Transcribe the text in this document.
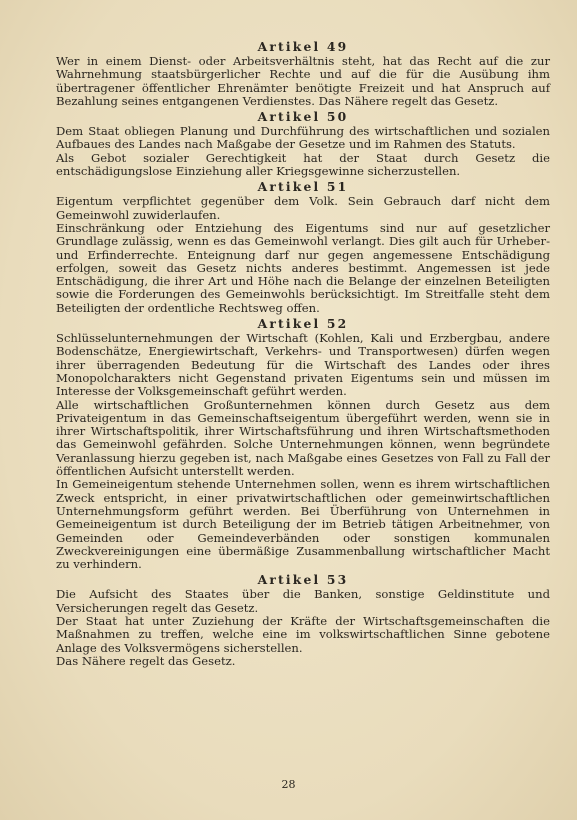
Artikel 49

Wer in einem Dienst- oder Arbeitsverhältnis steht, hat das Recht auf die zur Wahrnehmung staatsbürgerlicher Rechte und auf die für die Ausübung ihm übertragener öffentlicher Ehrenämter benötigte Freizeit und hat Anspruch auf Bezahlung seines entgangenen Verdienstes. Das Nähere regelt das Gesetz.

Artikel 50

Dem Staat obliegen Planung und Durchführung des wirtschaftlichen und sozialen Aufbaues des Landes nach Maßgabe der Gesetze und im Rahmen des Statuts.

Als Gebot sozialer Gerechtigkeit hat der Staat durch Gesetz die entschädigungslose Einziehung aller Kriegsgewinne sicherzustellen.

Artikel 51

Eigentum verpflichtet gegenüber dem Volk. Sein Gebrauch darf nicht dem Gemeinwohl zuwiderlaufen.

Einschränkung oder Entziehung des Eigentums sind nur auf gesetzlicher Grundlage zulässig, wenn es das Gemeinwohl verlangt. Dies gilt auch für Urheber- und Erfinderrechte. Enteignung darf nur gegen angemessene Entschädigung erfolgen, soweit das Gesetz nichts anderes bestimmt. Angemessen ist jede Entschädigung, die ihrer Art und Höhe nach die Belange der einzelnen Beteiligten sowie die Forderungen des Gemeinwohls berücksichtigt. Im Streitfalle steht dem Beteiligten der ordentliche Rechtsweg offen.

Artikel 52

Schlüsselunternehmungen der Wirtschaft (Kohlen, Kali und Erzbergbau, andere Bodenschätze, Energiewirtschaft, Verkehrs- und Transportwesen) dürfen wegen ihrer überragenden Bedeutung für die Wirtschaft des Landes oder ihres Monopolcharakters nicht Gegenstand privaten Eigentums sein und müssen im Interesse der Volksgemeinschaft geführt werden.

Alle wirtschaftlichen Großunternehmen können durch Gesetz aus dem Privateigentum in das Gemeinschaftseigentum übergeführt werden, wenn sie in ihrer Wirtschaftspolitik, ihrer Wirtschaftsführung und ihren Wirtschaftsmethoden das Gemeinwohl gefährden. Solche Unternehmungen können, wenn begründete Veranlassung hierzu gegeben ist, nach Maßgabe eines Gesetzes von Fall zu Fall der öffentlichen Aufsicht unterstellt werden.

In Gemeineigentum stehende Unternehmen sollen, wenn es ihrem wirtschaftlichen Zweck entspricht, in einer privatwirtschaftlichen oder gemeinwirtschaftlichen Unternehmungsform geführt werden. Bei Überführung von Unternehmen in Gemeineigentum ist durch Beteiligung der im Betrieb tätigen Arbeitnehmer, von Gemeinden oder Gemeindeverbänden oder sonstigen kommunalen Zweckvereinigungen eine übermäßige Zusammenballung wirtschaftlicher Macht zu verhindern.

Artikel 53

Die Aufsicht des Staates über die Banken, sonstige Geldinstitute und Versicherungen regelt das Gesetz.

Der Staat hat unter Zuziehung der Kräfte der Wirtschaftsgemeinschaften die Maßnahmen zu treffen, welche eine im volkswirtschaftlichen Sinne gebotene Anlage des Volksvermögens sicherstellen.

Das Nähere regelt das Gesetz.

28
